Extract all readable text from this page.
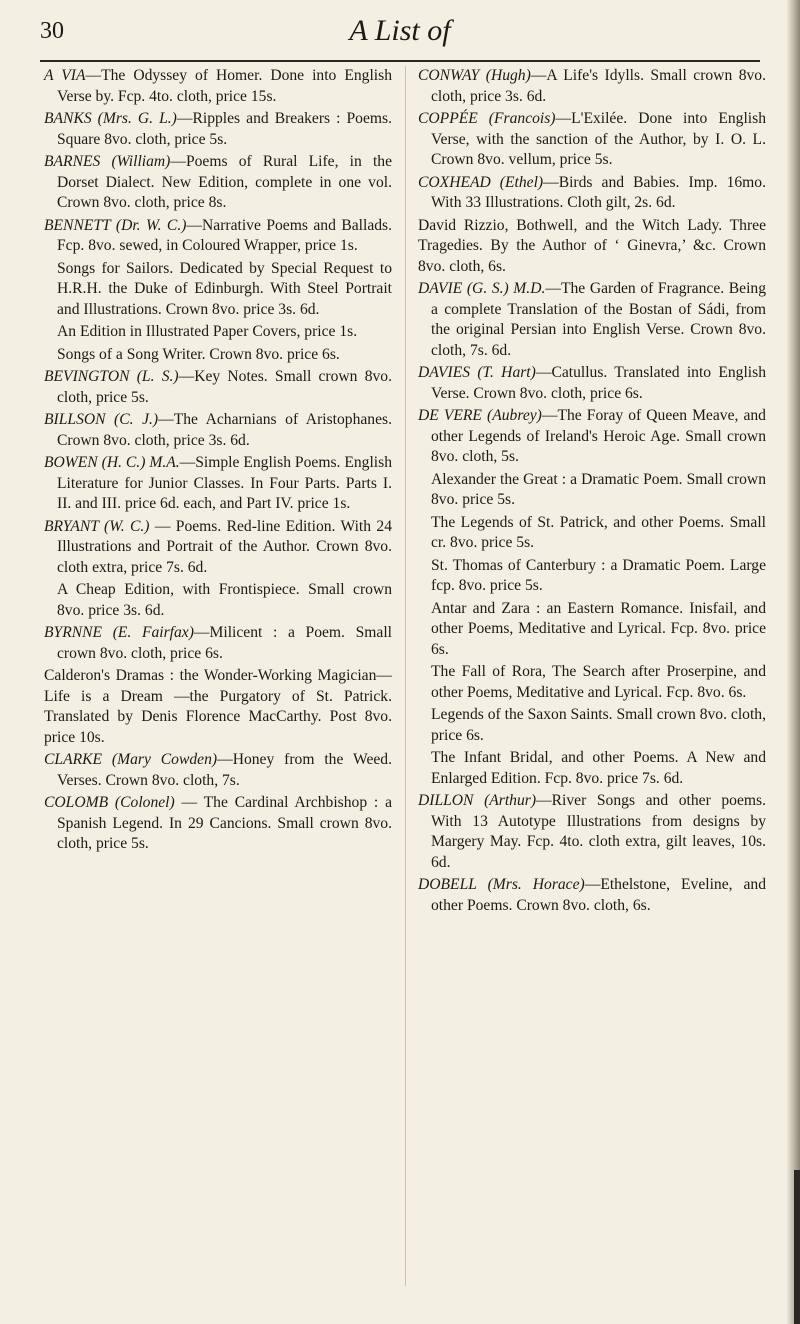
30	A List of

A VIA—The Odyssey of Homer. Done into English Verse by. Fcp. 4to. cloth, price 15s.

BANKS (Mrs. G. L.)—Ripples and Breakers : Poems. Square 8vo. cloth, price 5s.

BARNES (William)—Poems of Rural Life, in the Dorset Dialect. New Edition, complete in one vol. Crown 8vo. cloth, price 8s.

BENNETT (Dr. W. C.)—Narrative Poems and Ballads. Fcp. 8vo. sewed, in Coloured Wrapper, price 1s.

Songs for Sailors. Dedicated by Special Request to H.R.H. the Duke of Edinburgh. With Steel Portrait and Illustrations. Crown 8vo. price 3s. 6d.

An Edition in Illustrated Paper Covers, price 1s.

Songs of a Song Writer. Crown 8vo. price 6s.

BEVINGTON (L. S.)—Key Notes. Small crown 8vo. cloth, price 5s.

BILLSON (C. J.)—The Acharnians of Aristophanes. Crown 8vo. cloth, price 3s. 6d.

BOWEN (H. C.) M.A.—Simple English Poems. English Literature for Junior Classes. In Four Parts. Parts I. II. and III. price 6d. each, and Part IV. price 1s.

BRYANT (W. C.) — Poems. Red-line Edition. With 24 Illustrations and Portrait of the Author. Crown 8vo. cloth extra, price 7s. 6d.

A Cheap Edition, with Frontispiece. Small crown 8vo. price 3s. 6d.

BYRNNE (E. Fairfax)—Milicent : a Poem. Small crown 8vo. cloth, price 6s.

Calderon's Dramas : the Wonder-Working Magician—Life is a Dream —the Purgatory of St. Patrick. Translated by Denis Florence MacCarthy. Post 8vo. price 10s.

CLARKE (Mary Cowden)—Honey from the Weed. Verses. Crown 8vo. cloth, 7s.

COLOMB (Colonel) — The Cardinal Archbishop : a Spanish Legend. In 29 Cancions. Small crown 8vo. cloth, price 5s.

CONWAY (Hugh)—A Life's Idylls. Small crown 8vo. cloth, price 3s. 6d.

COPPÉE (Francois)—L'Exilée. Done into English Verse, with the sanction of the Author, by I. O. L. Crown 8vo. vellum, price 5s.

COXHEAD (Ethel)—Birds and Babies. Imp. 16mo. With 33 Illustrations. Cloth gilt, 2s. 6d.

David Rizzio, Bothwell, and the Witch Lady. Three Tragedies. By the Author of ‘ Ginevra,’ &c. Crown 8vo. cloth, 6s.

DAVIE (G. S.) M.D.—The Garden of Fragrance. Being a complete Translation of the Bostan of Sádi, from the original Persian into English Verse. Crown 8vo. cloth, 7s. 6d.

DAVIES (T. Hart)—Catullus. Translated into English Verse. Crown 8vo. cloth, price 6s.

DE VERE (Aubrey)—The Foray of Queen Meave, and other Legends of Ireland's Heroic Age. Small crown 8vo. cloth, 5s.

Alexander the Great : a Dramatic Poem. Small crown 8vo. price 5s.

The Legends of St. Patrick, and other Poems. Small cr. 8vo. price 5s.

St. Thomas of Canterbury : a Dramatic Poem. Large fcp. 8vo. price 5s.

Antar and Zara : an Eastern Romance. Inisfail, and other Poems, Meditative and Lyrical. Fcp. 8vo. price 6s.

The Fall of Rora, The Search after Proserpine, and other Poems, Meditative and Lyrical. Fcp. 8vo. 6s.

Legends of the Saxon Saints. Small crown 8vo. cloth, price 6s.

The Infant Bridal, and other Poems. A New and Enlarged Edition. Fcp. 8vo. price 7s. 6d.

DILLON (Arthur)—River Songs and other poems. With 13 Autotype Illustrations from designs by Margery May. Fcp. 4to. cloth extra, gilt leaves, 10s. 6d.

DOBELL (Mrs. Horace)—Ethelstone, Eveline, and other Poems. Crown 8vo. cloth, 6s.
